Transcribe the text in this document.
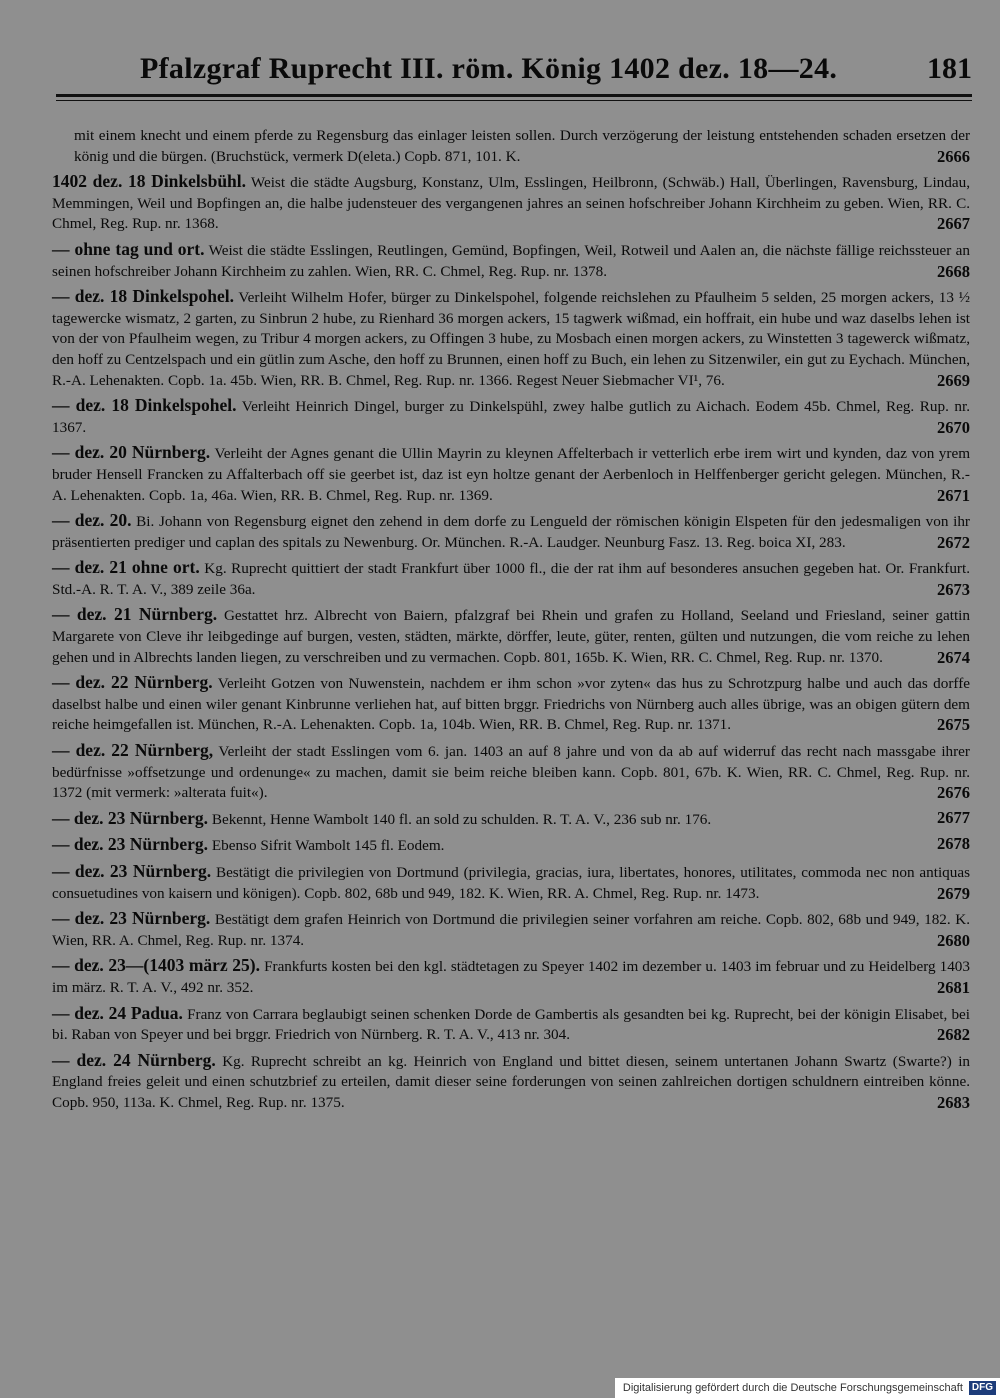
Pfalzgraf Ruprecht III. röm. König 1402 dez. 18—24.	181

mit einem knecht und einem pferde zu Regensburg das einlager leisten sollen. Durch verzögerung der leistung entstehenden schaden ersetzen der könig und die bürgen. (Bruchstück, vermerk D(eleta.) Copb. 871, 101. K.	2666

1402 dez. 18 Dinkelsbühl. Weist die städte Augsburg, Konstanz, Ulm, Esslingen, Heilbronn, (Schwäb.) Hall, Überlingen, Ravensburg, Lindau, Memmingen, Weil und Bopfingen an, die halbe judensteuer des vergangenen jahres an seinen hofschreiber Johann Kirchheim zu geben. Wien, RR. C. Chmel, Reg. Rup. nr. 1368.	2667

— ohne tag und ort. Weist die städte Esslingen, Reutlingen, Gemünd, Bopfingen, Weil, Rotweil und Aalen an, die nächste fällige reichssteuer an seinen hofschreiber Johann Kirchheim zu zahlen. Wien, RR. C. Chmel, Reg. Rup. nr. 1378.	2668

— dez. 18 Dinkelspohel. Verleiht Wilhelm Hofer, bürger zu Dinkelspohel, folgende reichslehen zu Pfaulheim 5 selden, 25 morgen ackers, 13 ½ tagewercke wismatz, 2 garten, zu Sinbrun 2 hube, zu Rienhard 36 morgen ackers, 15 tagwerk wißmad, ein hoffrait, ein hube und waz daselbs lehen ist von der von Pfaulheim wegen, zu Tribur 4 morgen ackers, zu Offingen 3 hube, zu Mosbach einen morgen ackers, zu Winstetten 3 tagewerck wißmatz, den hoff zu Centzelspach und ein gütlin zum Asche, den hoff zu Brunnen, einen hoff zu Buch, ein lehen zu Sitzenwiler, ein gut zu Eychach. München, R.-A. Lehenakten. Copb. 1a. 45b. Wien, RR. B. Chmel, Reg. Rup. nr. 1366. Regest Neuer Siebmacher VI¹, 76.	2669

— dez. 18 Dinkelspohel. Verleiht Heinrich Dingel, burger zu Dinkelspühl, zwey halbe gutlich zu Aichach. Eodem 45b. Chmel, Reg. Rup. nr. 1367.	2670

— dez. 20 Nürnberg. Verleiht der Agnes genant die Ullin Mayrin zu kleynen Affelterbach ir vetterlich erbe irem wirt und kynden, daz von yrem bruder Hensell Francken zu Affalterbach off sie geerbet ist, daz ist eyn holtze genant der Aerbenloch in Helffenberger gericht gelegen. München, R.-A. Lehenakten. Copb. 1a, 46a. Wien, RR. B. Chmel, Reg. Rup. nr. 1369.	2671

— dez. 20. Bi. Johann von Regensburg eignet den zehend in dem dorfe zu Lengueld der römischen königin Elspeten für den jedesmaligen von ihr präsentierten prediger und caplan des spitals zu Newenburg. Or. München. R.-A. Laudger. Neunburg Fasz. 13. Reg. boica XI, 283.	2672

— dez. 21 ohne ort. Kg. Ruprecht quittiert der stadt Frankfurt über 1000 fl., die der rat ihm auf besonderes ansuchen gegeben hat. Or. Frankfurt. Std.-A. R. T. A. V., 389 zeile 36a.	2673

— dez. 21 Nürnberg. Gestattet hrz. Albrecht von Baiern, pfalzgraf bei Rhein und grafen zu Holland, Seeland und Friesland, seiner gattin Margarete von Cleve ihr leibgedinge auf burgen, vesten, städten, märkte, dörffer, leute, güter, renten, gülten und nutzungen, die vom reiche zu lehen gehen und in Albrechts landen liegen, zu verschreiben und zu vermachen. Copb. 801, 165b. K. Wien, RR. C. Chmel, Reg. Rup. nr. 1370.	2674

— dez. 22 Nürnberg. Verleiht Gotzen von Nuwenstein, nachdem er ihm schon »vor zyten« das hus zu Schrotzpurg halbe und auch das dorffe daselbst halbe und einen wiler genant Kinbrunne verliehen hat, auf bitten brggr. Friedrichs von Nürnberg auch alles übrige, was an obigen gütern dem reiche heimgefallen ist. München, R.-A. Lehenakten. Copb. 1a, 104b. Wien, RR. B. Chmel, Reg. Rup. nr. 1371.	2675

— dez. 22 Nürnberg, Verleiht der stadt Esslingen vom 6. jan. 1403 an auf 8 jahre und von da ab auf widerruf das recht nach massgabe ihrer bedürfnisse »offsetzunge und ordenunge« zu machen, damit sie beim reiche bleiben kann. Copb. 801, 67b. K. Wien, RR. C. Chmel, Reg. Rup. nr. 1372 (mit vermerk: »alterata fuit«).	2676

— dez. 23 Nürnberg. Bekennt, Henne Wambolt 140 fl. an sold zu schulden. R. T. A. V., 236 sub nr. 176.	2677

— dez. 23 Nürnberg. Ebenso Sifrit Wambolt 145 fl. Eodem.	2678

— dez. 23 Nürnberg. Bestätigt die privilegien von Dortmund (privilegia, gracias, iura, libertates, honores, utilitates, commoda nec non antiquas consuetudines von kaisern und königen). Copb. 802, 68b und 949, 182. K. Wien, RR. A. Chmel, Reg. Rup. nr. 1473.	2679

— dez. 23 Nürnberg. Bestätigt dem grafen Heinrich von Dortmund die privilegien seiner vorfahren am reiche. Copb. 802, 68b und 949, 182. K. Wien, RR. A. Chmel, Reg. Rup. nr. 1374.	2680

— dez. 23—(1403 märz 25). Frankfurts kosten bei den kgl. städtetagen zu Speyer 1402 im dezember u. 1403 im februar und zu Heidelberg 1403 im märz. R. T. A. V., 492 nr. 352.	2681

— dez. 24 Padua. Franz von Carrara beglaubigt seinen schenken Dorde de Gambertis als gesandten bei kg. Ruprecht, bei der königin Elisabet, bei bi. Raban von Speyer und bei brggr. Friedrich von Nürnberg. R. T. A. V., 413 nr. 304.	2682

— dez. 24 Nürnberg. Kg. Ruprecht schreibt an kg. Heinrich von England und bittet diesen, seinem untertanen Johann Swartz (Swarte?) in England freies geleit und einen schutzbrief zu erteilen, damit dieser seine forderungen von seinen zahlreichen dortigen schuldnern eintreiben könne. Copb. 950, 113a. K. Chmel, Reg. Rup. nr. 1375.	2683

Digitalisierung gefördert durch die Deutsche Forschungsgemeinschaft DFG
